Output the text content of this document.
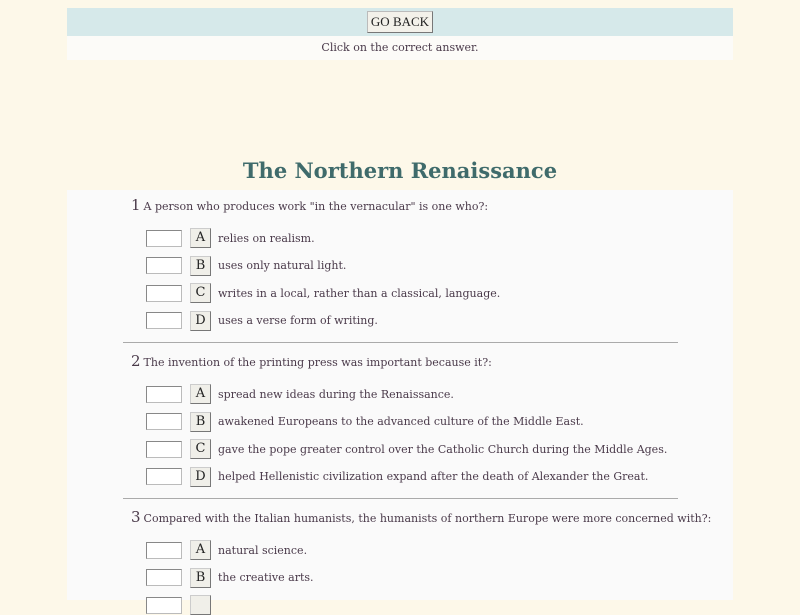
GO BACK
Click on the correct answer.
The Northern Renaissance
1 A person who produces work "in the vernacular" is one who?:
A	relies on realism.
B	uses only natural light.
C	writes in a local, rather than a classical, language.
D	uses a verse form of writing.
2 The invention of the printing press was important because it?:
A	spread new ideas during the Renaissance.
B	awakened Europeans to the advanced culture of the Middle East.
C	gave the pope greater control over the Catholic Church during the Middle Ages.
D	helped Hellenistic civilization expand after the death of Alexander the Great.
3 Compared with the Italian humanists, the humanists of northern Europe were more concerned with?:
A	natural science.
B	the creative arts.
